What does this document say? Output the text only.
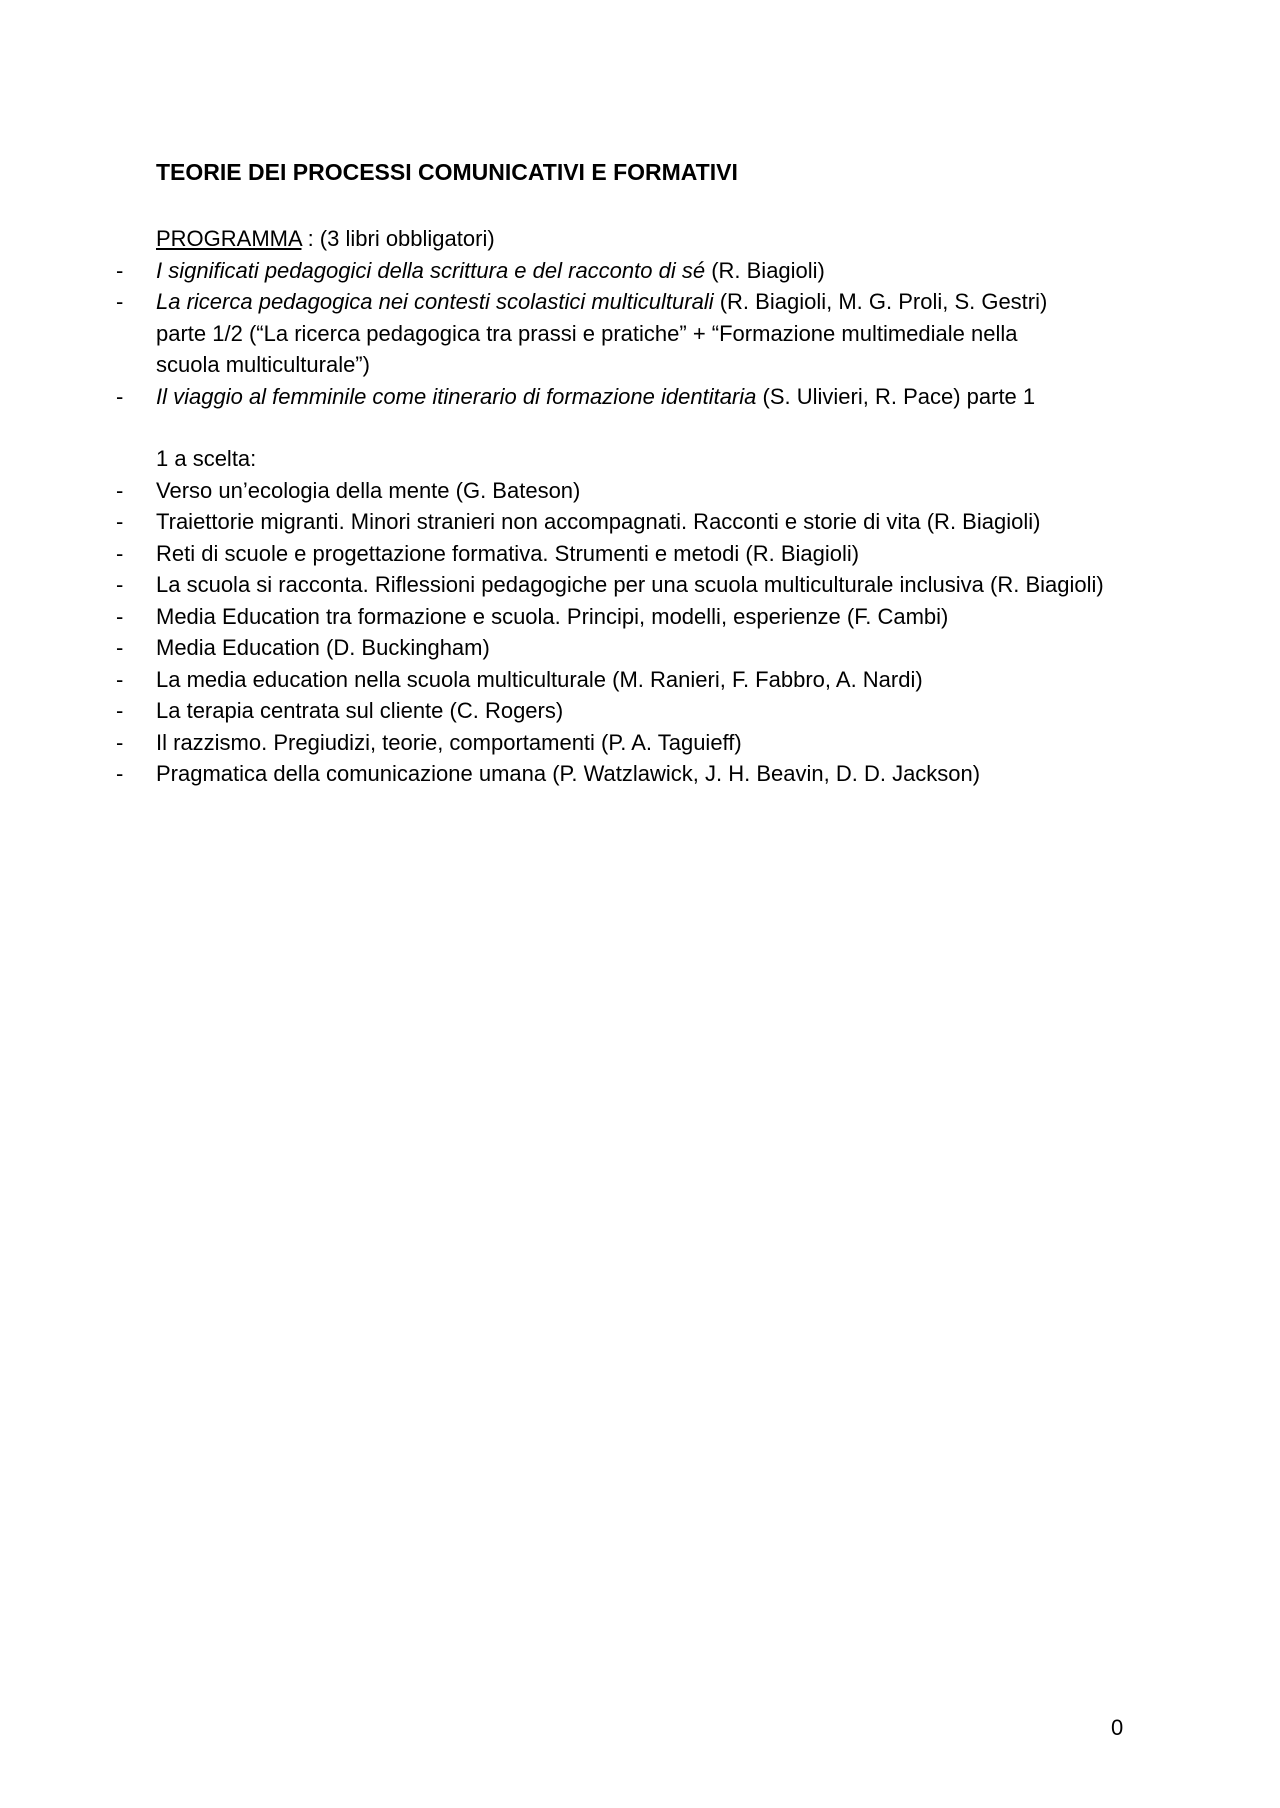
TEORIE DEI PROCESSI COMUNICATIVI E FORMATIVI
PROGRAMMA : (3 libri obbligatori)
-	I significati pedagogici della scrittura e del racconto di sé (R. Biagioli)
-	La ricerca pedagogica nei contesti scolastici multiculturali (R. Biagioli, M. G. Proli, S. Gestri)
parte 1/2 (“La ricerca pedagogica tra prassi e pratiche” + “Formazione multimediale nella
scuola multiculturale”)
-	Il viaggio al femminile come itinerario di formazione identitaria (S. Ulivieri, R. Pace) parte 1
1 a scelta:
-	Verso un’ecologia della mente (G. Bateson)
-	Traiettorie migranti. Minori stranieri non accompagnati. Racconti e storie di vita (R. Biagioli)
-	Reti di scuole e progettazione formativa. Strumenti e metodi (R. Biagioli)
-	La scuola si racconta. Riflessioni pedagogiche per una scuola multiculturale inclusiva (R. Biagioli)
-	Media Education tra formazione e scuola. Principi, modelli, esperienze (F. Cambi)
-	Media Education (D. Buckingham)
-	La media education nella scuola multiculturale (M. Ranieri, F. Fabbro, A. Nardi)
-	La terapia centrata sul cliente (C. Rogers)
-	Il razzismo. Pregiudizi, teorie, comportamenti (P. A. Taguieff)
-	Pragmatica della comunicazione umana (P. Watzlawick, J. H. Beavin, D. D. Jackson)
0
